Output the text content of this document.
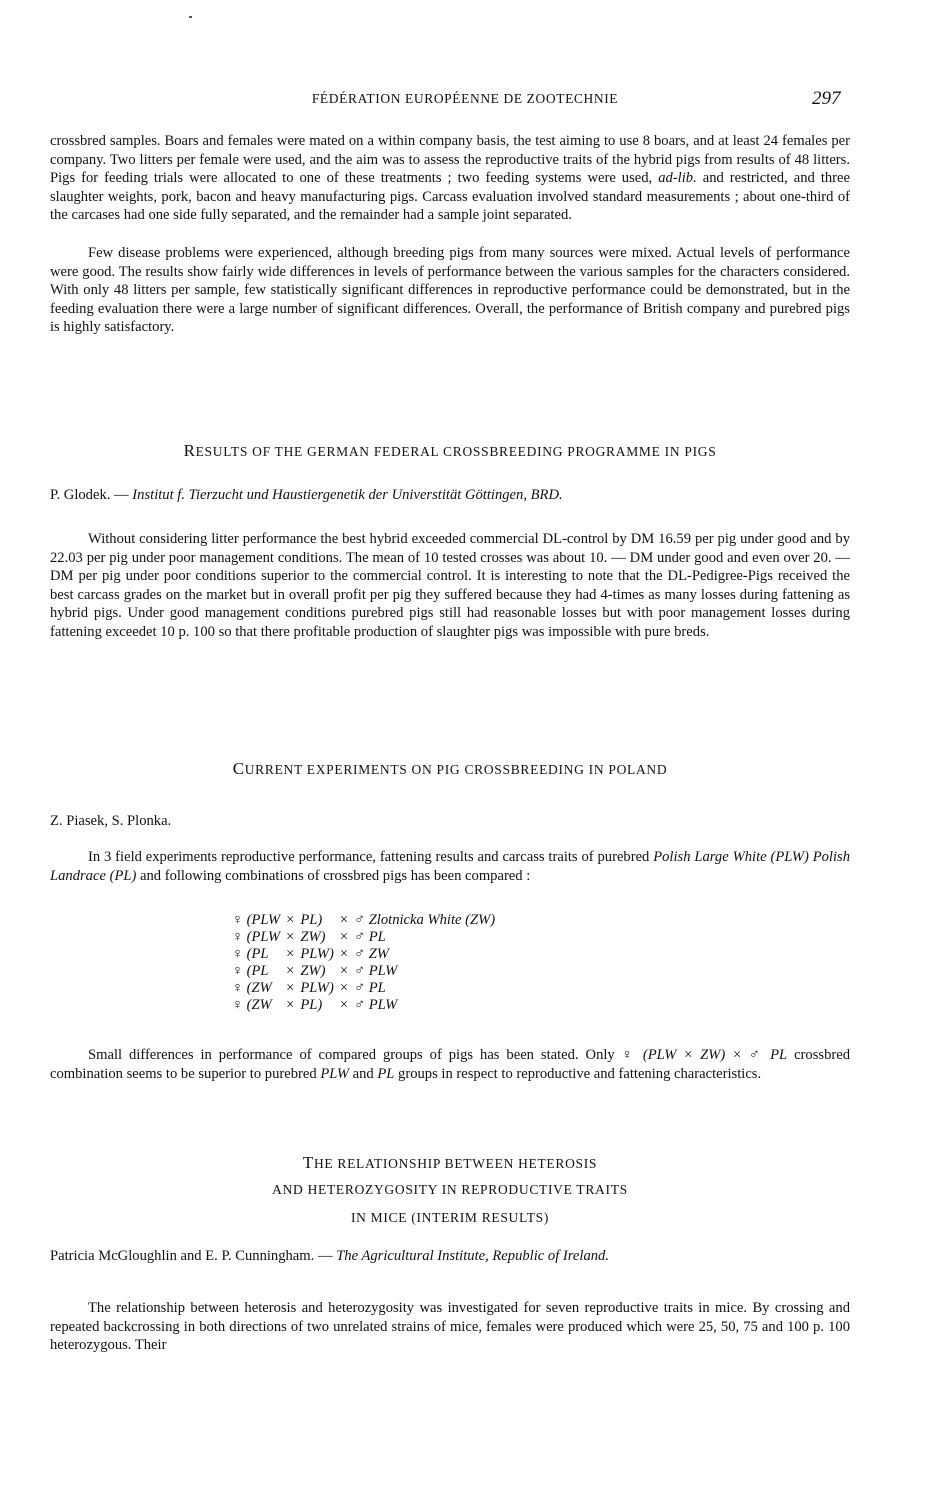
FÉDÉRATION EUROPÉENNE DE ZOOTECHNIE	297
crossbred samples. Boars and females were mated on a within company basis, the test aiming to use 8 boars, and at least 24 females per company. Two litters per female were used, and the aim was to assess the reproductive traits of the hybrid pigs from results of 48 litters. Pigs for feeding trials were allocated to one of these treatments ; two feeding systems were used, ad-lib. and restricted, and three slaughter weights, pork, bacon and heavy manufacturing pigs. Carcass evaluation involved standard measurements ; about one-third of the carcases had one side fully separated, and the remainder had a sample joint separated.
Few disease problems were experienced, although breeding pigs from many sources were mixed. Actual levels of performance were good. The results show fairly wide differences in levels of performance between the various samples for the characters considered. With only 48 litters per sample, few statistically significant differences in reproductive performance could be demonstrated, but in the feeding evaluation there were a large number of significant differences. Overall, the performance of British company and purebred pigs is highly satisfactory.
RESULTS OF THE GERMAN FEDERAL CROSSBREEDING PROGRAMME IN PIGS
P. Glodek. — Institut f. Tierzucht und Haustiergenetik der Universtität Göttingen, BRD.
Without considering litter performance the best hybrid exceeded commercial DL-control by DM 16.59 per pig under good and by 22.03 per pig under poor management conditions. The mean of 10 tested crosses was about 10. — DM under good and even over 20. — DM per pig under poor conditions superior to the commercial control. It is interesting to note that the DL-Pedigree-Pigs received the best carcass grades on the market but in overall profit per pig they suffered because they had 4-times as many losses during fattening as hybrid pigs. Under good management conditions purebred pigs still had reasonable losses but with poor management losses during fattening exceedet 10 p. 100 so that there profitable production of slaughter pigs was impossible with pure breds.
CURRENT EXPERIMENTS ON PIG CROSSBREEDING IN POLAND
Z. Piasek, S. Plonka.
In 3 field experiments reproductive performance, fattening results and carcass traits of purebred Polish Large White (PLW) Polish Landrace (PL) and following combinations of crossbred pigs has been compared :
♀ (PLW	×	PL)	×	♂ Zlotnicka White (ZW)
♀ (PLW	×	ZW)	×	♂ PL
♀ (PL	×	PLW)	×	♂ ZW
♀ (PL	×	ZW)	×	♂ PLW
♀ (ZW	×	PLW)	×	♂ PL
♀ (ZW	×	PL)	×	♂ PLW
Small differences in performance of compared groups of pigs has been stated. Only ♀ (PLW × ZW) × ♂ PL crossbred combination seems to be superior to purebred PLW and PL groups in respect to reproductive and fattening characteristics.
THE RELATIONSHIP BETWEEN HETEROSIS
AND HETEROZYGOSITY IN REPRODUCTIVE TRAITS
IN MICE (INTERIM RESULTS)
Patricia McGloughlin and E. P. Cunningham. — The Agricultural Institute, Republic of Ireland.
The relationship between heterosis and heterozygosity was investigated for seven reproductive traits in mice. By crossing and repeated backcrossing in both directions of two unrelated strains of mice, females were produced which were 25, 50, 75 and 100 p. 100 heterozygous. Their
